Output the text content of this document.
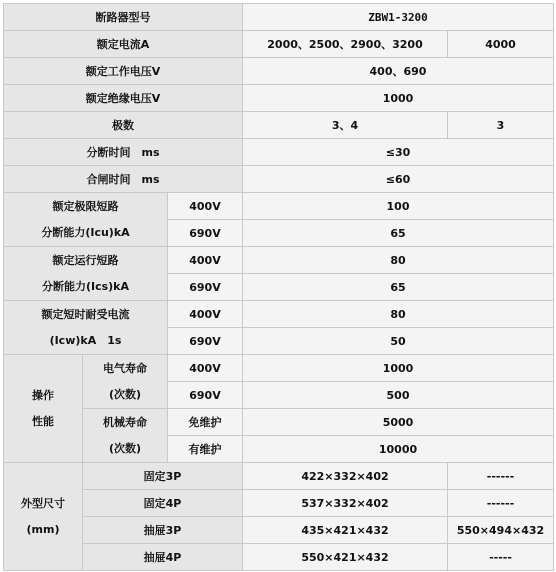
断路器型号			ZBW1-3200	
额定电流A			2000、2500、2900、3200	4000
额定工作电压V			400、690	
额定绝缘电压V			1000	
极数			3、4	3
分断时间　ms			≤30	
合闸时间　ms			≤60	

额定极限短路
分断能力(Icu)kA		400V	100	
		690V	65	

额定运行短路
分断能力(Ics)kA		400V	80	
		690V	65	

额定短时耐受电流
(Icw)kA　1s		400V	80	
		690V	50	

操作
性能	电气寿命
(次数)	400V	1000	
		690V	500	

	机械寿命
(次数)	免维护	5000	
		有维护	10000	

外型尺寸
(mm)	固定3P		422×332×402	------
	固定4P		537×332×402	------
	抽屉3P		435×421×432	550×494×432
	抽屉4P		550×421×432	-----
